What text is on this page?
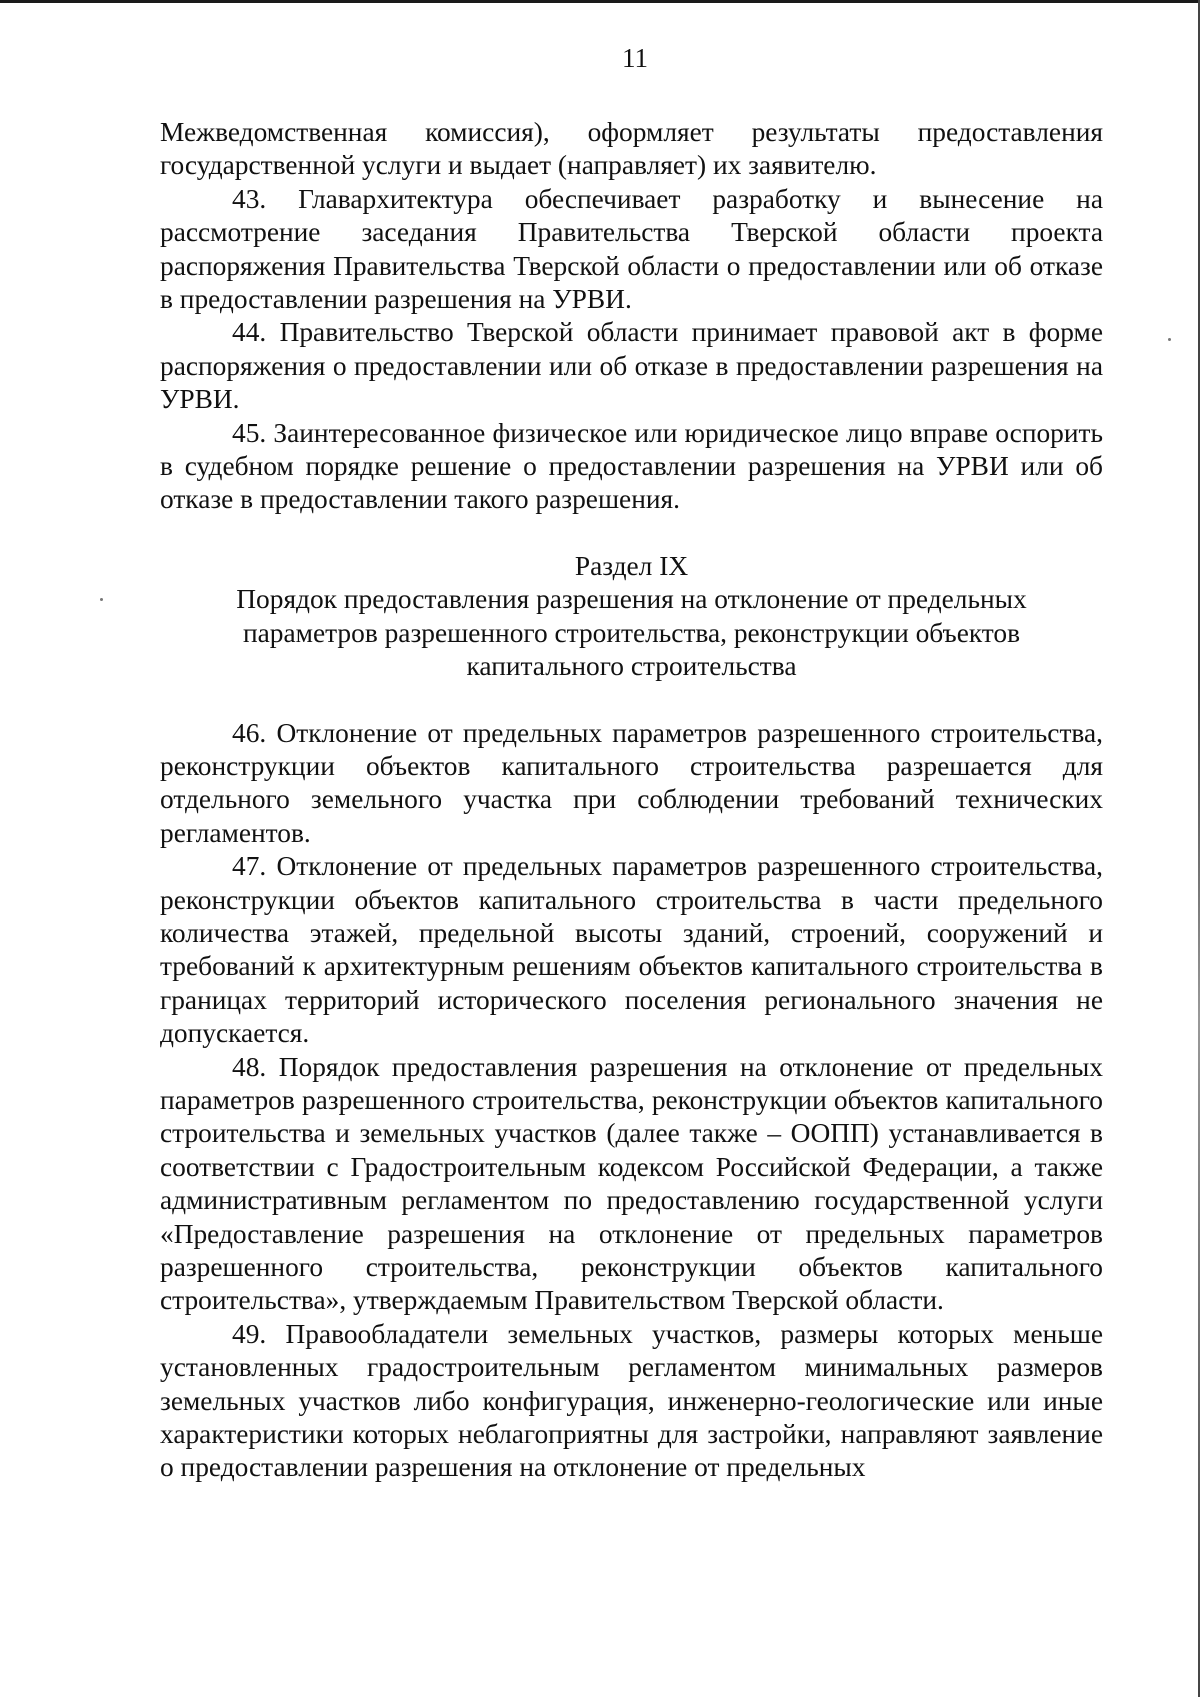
11

Межведомственная комиссия), оформляет результаты предоставления государственной услуги и выдает (направляет) их заявителю.

43. Главархитектура обеспечивает разработку и вынесение на рассмотрение заседания Правительства Тверской области проекта распоряжения Правительства Тверской области о предоставлении или об отказе в предоставлении разрешения на УРВИ.

44. Правительство Тверской области принимает правовой акт в форме распоряжения о предоставлении или об отказе в предоставлении разрешения на УРВИ.

45. Заинтересованное физическое или юридическое лицо вправе оспорить в судебном порядке решение о предоставлении разрешения на УРВИ или об отказе в предоставлении такого разрешения.

Раздел IX

Порядок предоставления разрешения на отклонение от предельных

параметров разрешенного строительства, реконструкции объектов

капитального строительства

46. Отклонение от предельных параметров разрешенного строительства, реконструкции объектов капитального строительства разрешается для отдельного земельного участка при соблюдении требований технических регламентов.

47. Отклонение от предельных параметров разрешенного строительства, реконструкции объектов капитального строительства в части предельного количества этажей, предельной высоты зданий, строений, сооружений и требований к архитектурным решениям объектов капитального строительства в границах территорий исторического поселения регионального значения не допускается.

48. Порядок предоставления разрешения на отклонение от предельных параметров разрешенного строительства, реконструкции объектов капитального строительства и земельных участков (далее также – ООПП) устанавливается в соответствии с Градостроительным кодексом Российской Федерации, а также административным регламентом по предоставлению государственной услуги «Предоставление разрешения на отклонение от предельных параметров разрешенного строительства, реконструкции объектов капитального строительства», утверждаемым Правительством Тверской области.

49. Правообладатели земельных участков, размеры которых меньше установленных градостроительным регламентом минимальных размеров земельных участков либо конфигурация, инженерно-геологические или иные характеристики которых неблагоприятны для застройки, направляют заявление о предоставлении разрешения на отклонение от предельных
